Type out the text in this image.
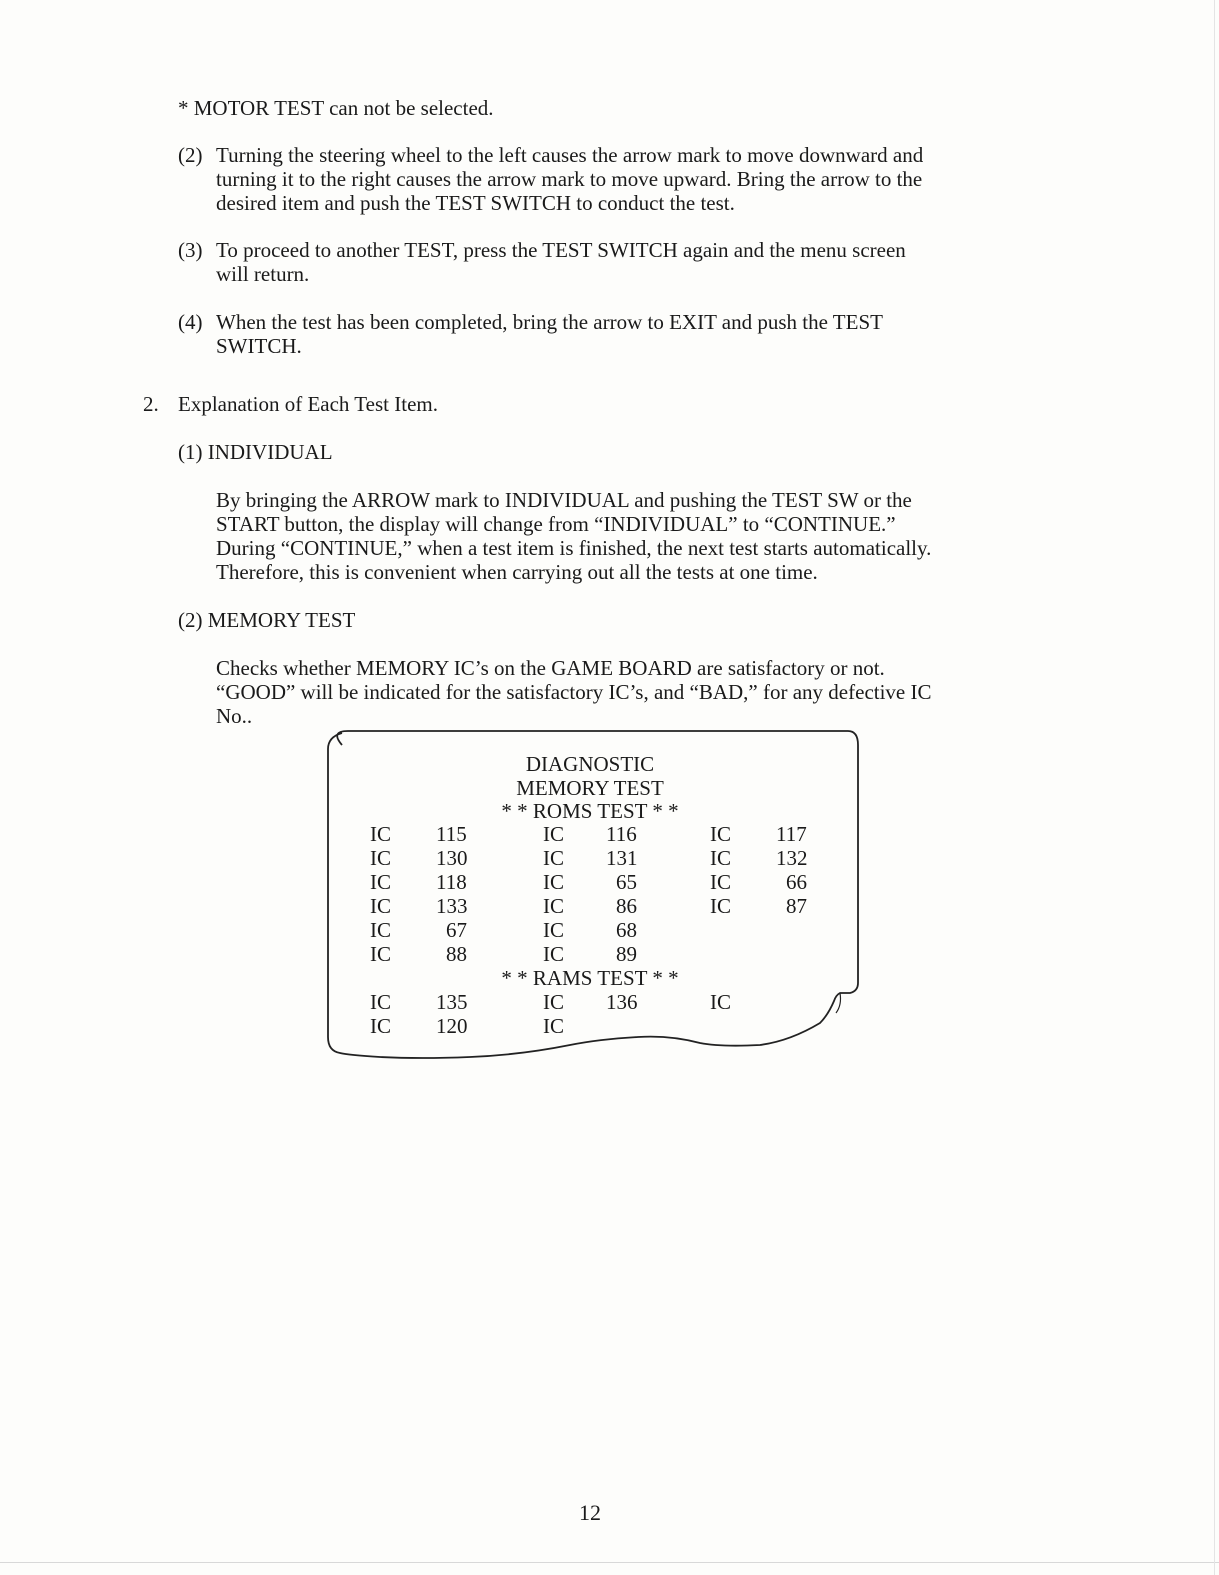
* MOTOR TEST can not be selected.
(2) Turning the steering wheel to the left causes the arrow mark to move downward and
turning it to the right causes the arrow mark to move upward. Bring the arrow to the
desired item and push the TEST SWITCH to conduct the test.
(3) To proceed to another TEST, press the TEST SWITCH again and the menu screen
will return.
(4) When the test has been completed, bring the arrow to EXIT and push the TEST
SWITCH.
2. Explanation of Each Test Item.
(1) INDIVIDUAL
By bringing the ARROW mark to INDIVIDUAL and pushing the TEST SW or the
START button, the display will change from “INDIVIDUAL” to “CONTINUE.”
During “CONTINUE,” when a test item is finished, the next test starts automatically.
Therefore, this is convenient when carrying out all the tests at one time.
(2) MEMORY TEST
Checks whether MEMORY IC’s on the GAME BOARD are satisfactory or not.
“GOOD” will be indicated for the satisfactory IC’s, and “BAD,” for any defective IC
No..
DIAGNOSTIC
MEMORY TEST
* * ROMS TEST * *
IC 115	IC 116	IC 117
IC 130	IC 131	IC 132
IC 118	IC 65	IC	66
IC 133	IC 86	IC	87
IC	67	IC 68
IC	88	IC 89
* * RAMS TEST * *
IC 135	IC 136	IC
IC 120	IC
12
